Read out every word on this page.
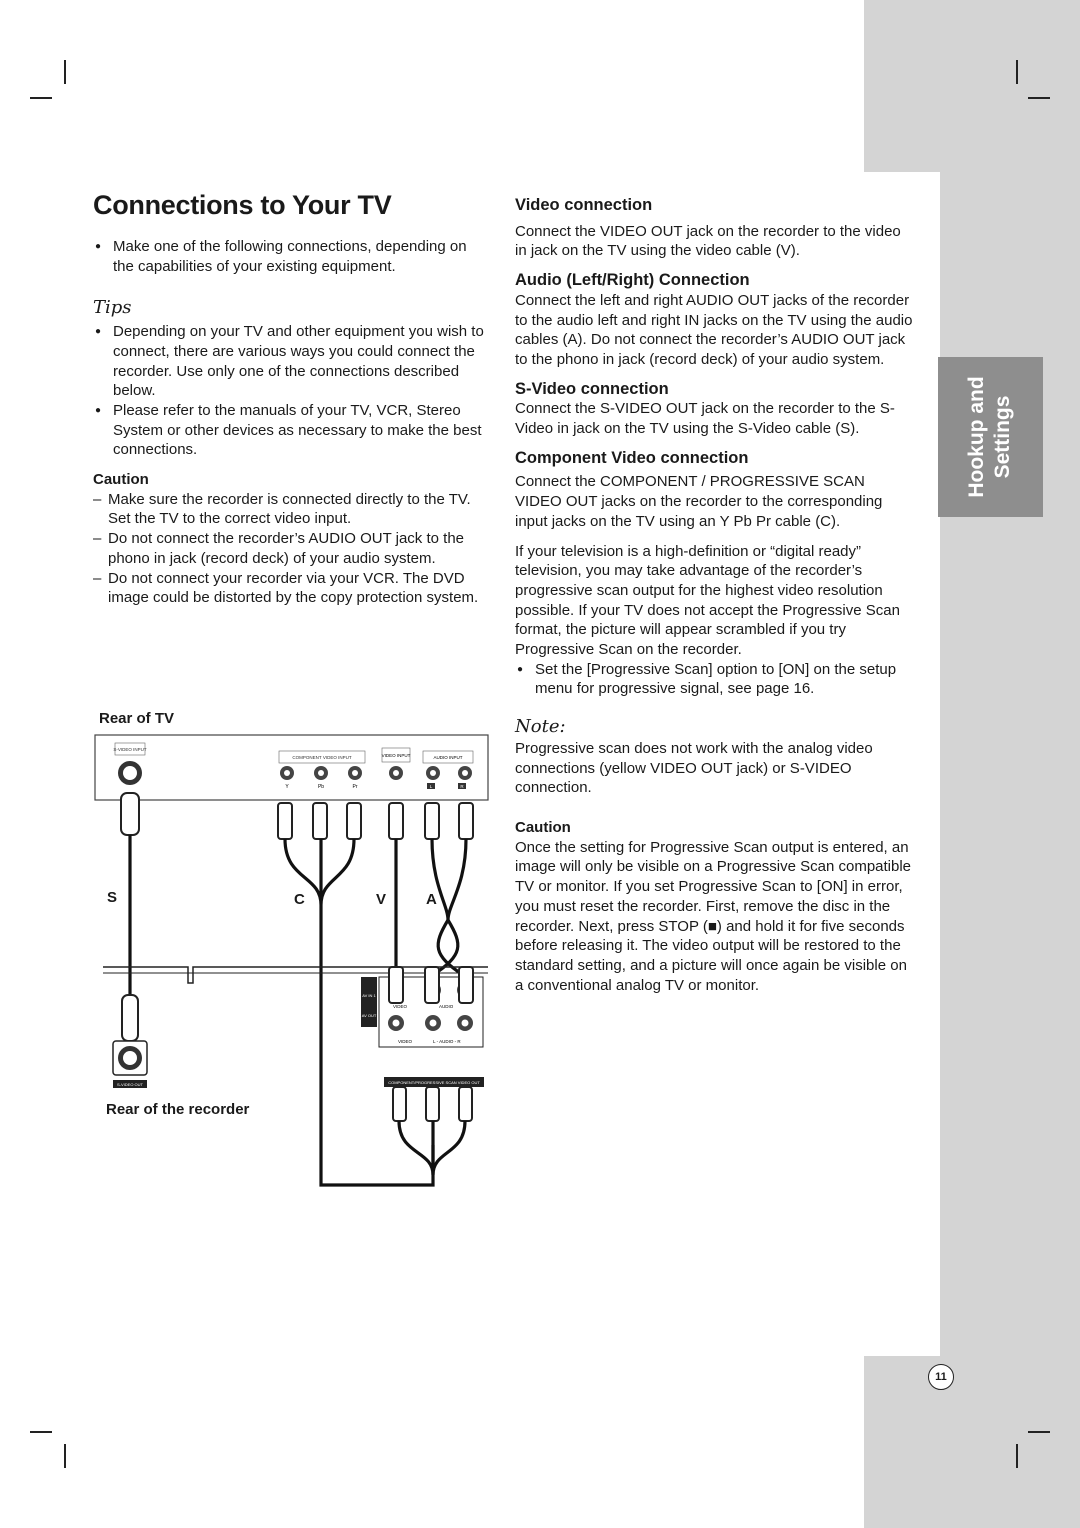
Hookup and Settings
11
Connections to Your TV

● Make one of the following connections, depending on the capabilities of your existing equipment.

Tips

● Depending on your TV and other equipment you wish to connect, there are various ways you could connect the recorder. Use only one of the connections described below.

● Please refer to the manuals of your TV, VCR, Stereo System or other devices as necessary to make the best connections.

Caution

– Make sure the recorder is connected directly to the TV. Set the TV to the correct video input.

– Do not connect the recorder’s AUDIO OUT jack to the phono in jack (record deck) of your audio system.

– Do not connect your recorder via your VCR. The DVD image could be distorted by the copy protection system.

Rear of TV
Rear of the recorder
S	C	V	A
S-VIDEO INPUT
COMPONENT VIDEO INPUT
Y	Pb	Pr
VIDEO INPUT	AUDIO INPUT
L	R
AV IN 1
AV OUT
VIDEO	AUDIO
VIDEO	L - AUDIO - R
S-VIDEO OUT	COMPONENT/PROGRESSIVE SCAN VIDEO OUT

Video connection

Connect the VIDEO OUT jack on the recorder to the video in jack on the TV using the video cable (V).

Audio (Left/Right) Connection

Connect the left and right AUDIO OUT jacks of the recorder to the audio left and right IN jacks on the TV using the audio cables (A). Do not connect the recorder’s AUDIO OUT jack to the phono in jack (record deck) of your audio system.

S-Video connection

Connect the S-VIDEO OUT jack on the recorder to the S-Video in jack on the TV using the S-Video cable (S).

Component Video connection

Connect the COMPONENT / PROGRESSIVE SCAN VIDEO OUT jacks on the recorder to the corresponding input jacks on the TV using an Y Pb Pr cable (C).

If your television is a high-definition or “digital ready” television, you may take advantage of the recorder’s progressive scan output for the highest video resolution possible. If your TV does not accept the Progressive Scan format, the picture will appear scrambled if you try Progressive Scan on the recorder.

● Set the [Progressive Scan] option to [ON] on the setup menu for progressive signal, see page 16.

Note:

Progressive scan does not work with the analog video connections (yellow VIDEO OUT jack) or S-VIDEO connection.

Caution

Once the setting for Progressive Scan output is entered, an image will only be visible on a Progressive Scan compatible TV or monitor. If you set Progressive Scan to [ON] in error, you must reset the recorder. First, remove the disc in the recorder. Next, press STOP (■) and hold it for five seconds before releasing it. The video output will be restored to the standard setting, and a picture will once again be visible on a conventional analog TV or monitor.
